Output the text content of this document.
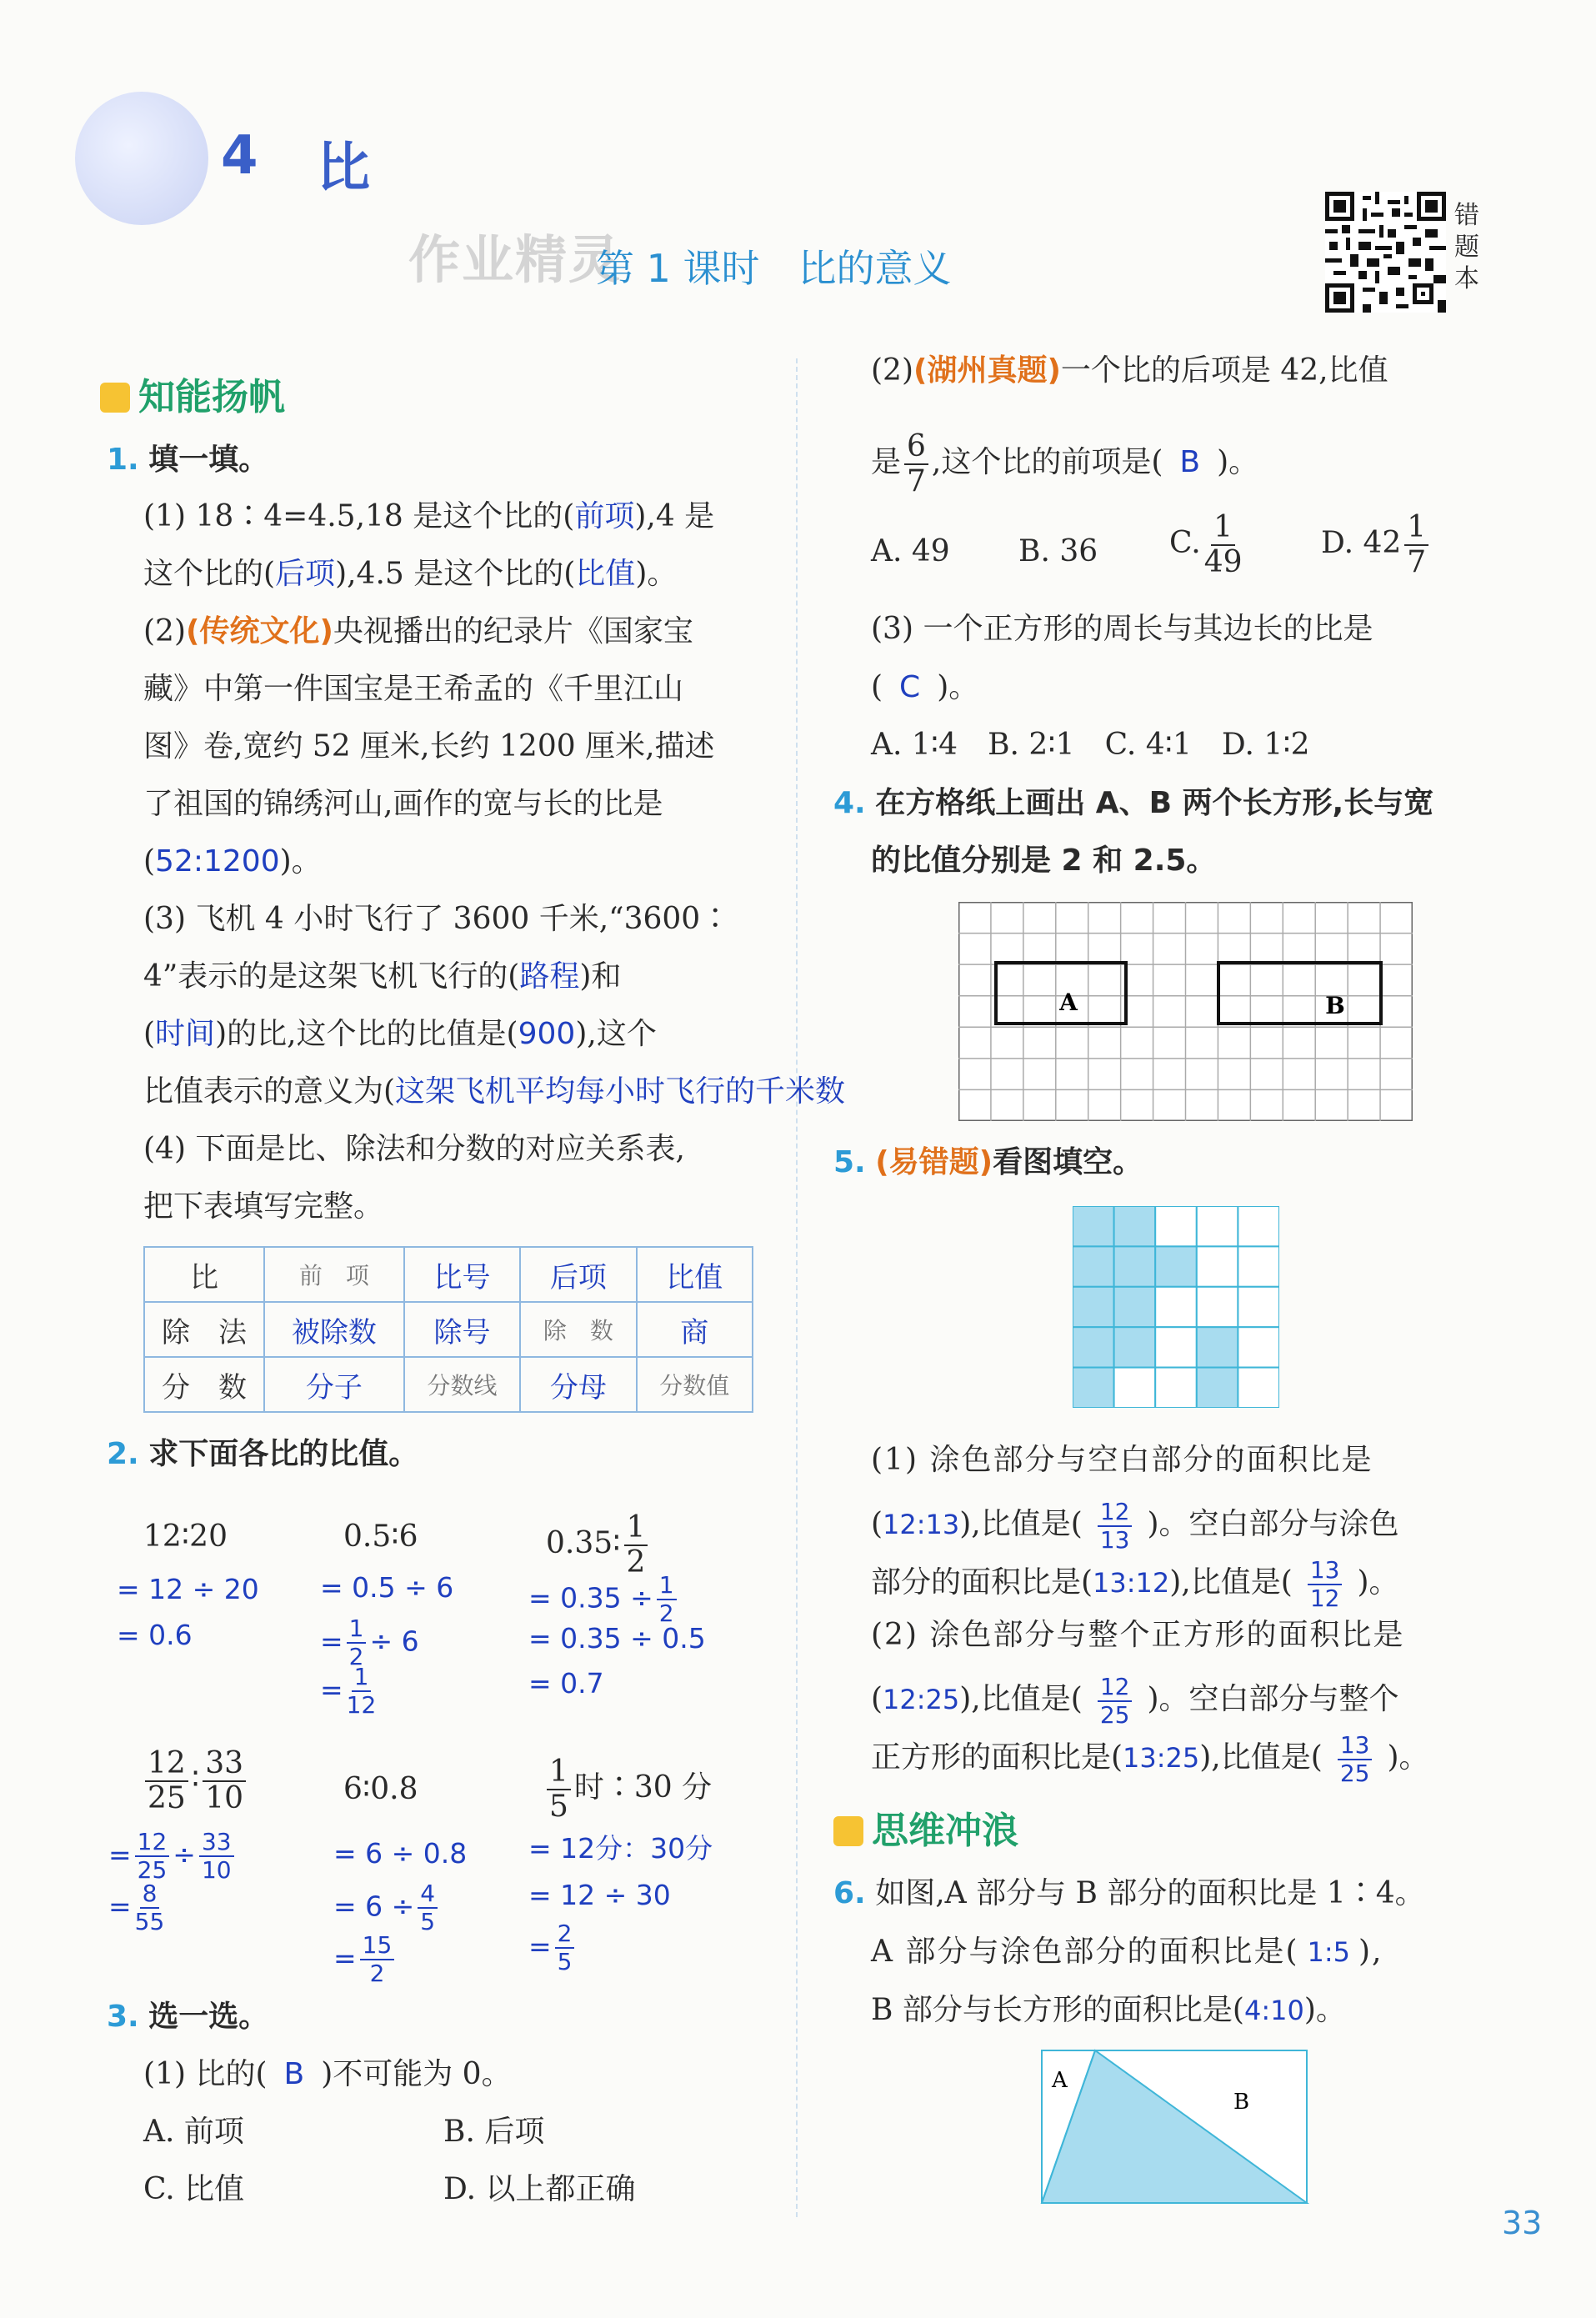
4 比
作业精灵
第 1 课时　比的意义
错
题
本
知能扬帆
1. 填一填。
(1) 18∶4=4.5,18 是这个比的(前项),4 是
这个比的(后项),4.5 是这个比的(比值)。
(2)(传统文化)央视播出的纪录片《国家宝
藏》中第一件国宝是王希孟的《千里江山
图》卷,宽约 52 厘米,长约 1200 厘米,描述
了祖国的锦绣河山,画作的宽与长的比是
(52:1200)。
(3) 飞机 4 小时飞行了 3600 千米,“3600∶
4”表示的是这架飞机飞行的(路程)和
(时间)的比,这个比的比值是(900),这个
比值表示的意义为(这架飞机平均每小时飞行的千米数
(4) 下面是比、除法和分数的对应关系表,
把下表填写完整。
比	前　项	比号	后项	比值
除　法	被除数	除号	除　数	商
分　数	分子	分数线	分母	分数值
2. 求下面各比的比值。
12∶20
= 12 ÷ 20
= 0.6
0.5∶6
= 0.5 ÷ 6
= $\frac{1}{2} \div 6$
= $\frac{1}{12}$
0.35∶ $\frac{1}{2}$
= $0.35 \div \frac{1}{2}$
= 0.35 ÷ 0.5
= 0.7
$\frac{12}{25}$ ∶ $\frac{33}{10}$
= $\frac{12}{25} \div \frac{33}{10}$
= $\frac{8}{55}$
6∶0.8
= 6 ÷ 0.8
= $6 \div \frac{4}{5}$
= $\frac{15}{2}$
$\frac{1}{5}$ 时∶30 分
= 12分：30分
= 12 ÷ 30
= $\frac{2}{5}$
3. 选一选。
(1) 比的( B )不可能为 0。
A. 前项	B. 后项
C. 比值	D. 以上都正确
(2)(湖州真题)一个比的后项是 42,比值
是 $\frac{6}{7}$ ,这个比的前项是( B )。
A. 49 B. 36 C. $\frac{1}{49}$	D. $42 \frac{1}{7}$
(3) 一个正方形的周长与其边长的比是
( C )。
A. 1∶4　B. 2∶1　C. 4∶1　D. 1∶2
4. 在方格纸上画出 A、B 两个长方形,长与宽
的比值分别是 2 和 2.5。
A	B
5. (易错题)看图填空。
(1) 涂色部分与空白部分的面积比是
(12:13),比值是( $\frac{12}{13}$ )。空白部分与涂色
部分的面积比是(13:12),比值是( $\frac{13}{12}$ )。
(2) 涂色部分与整个正方形的面积比是
(12:25),比值是( $\frac{12}{25}$ )。空白部分与整个
正方形的面积比是(13:25),比值是( $\frac{13}{25}$ )。
思维冲浪
6. 如图,A 部分与 B 部分的面积比是 1∶4。
A 部分与涂色部分的面积比是( 1:5 ),
B 部分与长方形的面积比是(4:10)。
A
B
33
